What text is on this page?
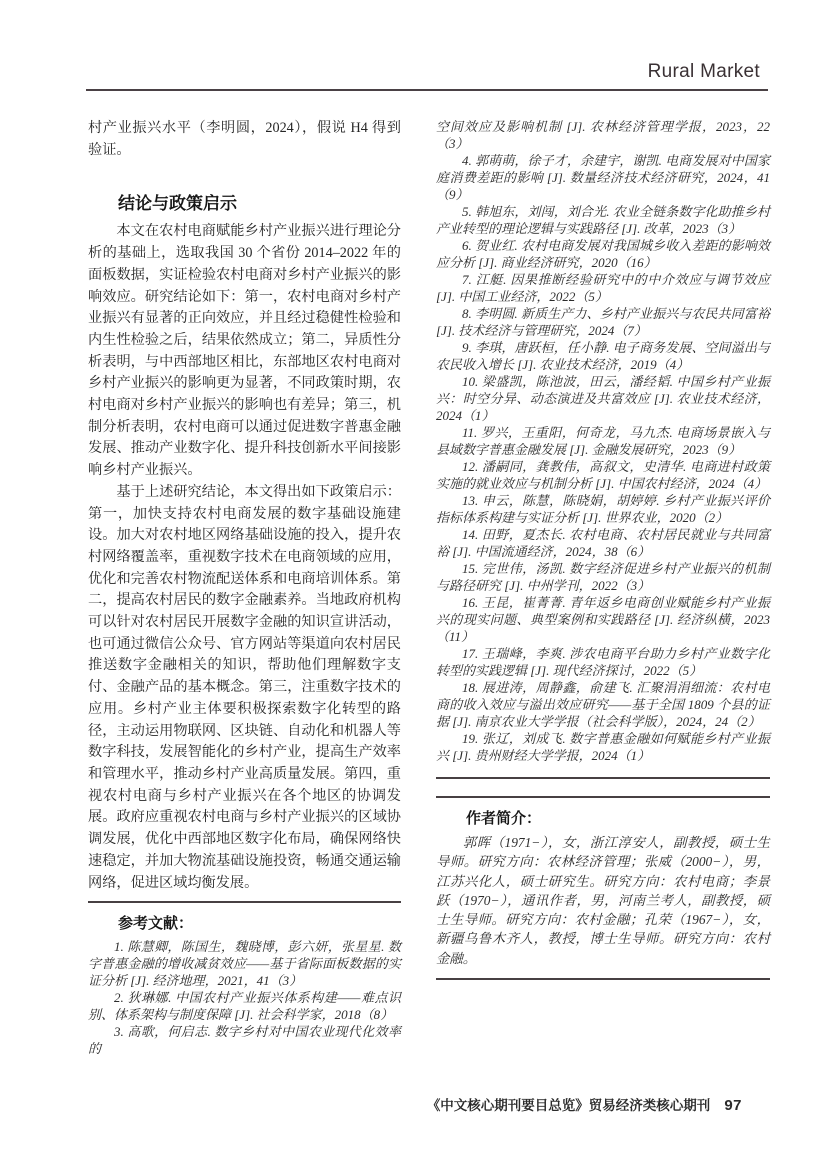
Rural Market

村产业振兴水平（李明圆，2024），假说 H4 得到验证。

结论与政策启示

本文在农村电商赋能乡村产业振兴进行理论分析的基础上，选取我国 30 个省份 2014–2022 年的面板数据，实证检验农村电商对乡村产业振兴的影响效应。研究结论如下：第一，农村电商对乡村产业振兴有显著的正向效应，并且经过稳健性检验和内生性检验之后，结果依然成立；第二，异质性分析表明，与中西部地区相比，东部地区农村电商对乡村产业振兴的影响更为显著，不同政策时期，农村电商对乡村产业振兴的影响也有差异；第三，机制分析表明，农村电商可以通过促进数字普惠金融发展、推动产业数字化、提升科技创新水平间接影响乡村产业振兴。

基于上述研究结论，本文得出如下政策启示：第一，加快支持农村电商发展的数字基础设施建设。加大对农村地区网络基础设施的投入，提升农村网络覆盖率，重视数字技术在电商领域的应用，优化和完善农村物流配送体系和电商培训体系。第二，提高农村居民的数字金融素养。当地政府机构可以针对农村居民开展数字金融的知识宣讲活动，也可通过微信公众号、官方网站等渠道向农村居民推送数字金融相关的知识，帮助他们理解数字支付、金融产品的基本概念。第三，注重数字技术的应用。乡村产业主体要积极探索数字化转型的路径，主动运用物联网、区块链、自动化和机器人等数字科技，发展智能化的乡村产业，提高生产效率和管理水平，推动乡村产业高质量发展。第四，重视农村电商与乡村产业振兴在各个地区的协调发展。政府应重视农村电商与乡村产业振兴的区域协调发展，优化中西部地区数字化布局，确保网络快速稳定，并加大物流基础设施投资，畅通交通运输网络，促进区域均衡发展。

参考文献：

1. 陈慧卿，陈国生，魏晓博，彭六妍，张星星. 数字普惠金融的增收减贫效应——基于省际面板数据的实证分析 [J]. 经济地理，2021，41（3）

2. 狄琳娜. 中国农村产业振兴体系构建——难点识别、体系架构与制度保障 [J]. 社会科学家，2018（8）

3. 高歌，何启志. 数字乡村对中国农业现代化效率的

空间效应及影响机制 [J]. 农林经济管理学报，2023，22（3）

4. 郭萌萌，徐子才，余建宇，谢凯. 电商发展对中国家庭消费差距的影响 [J]. 数量经济技术经济研究，2024，41（9）

5. 韩旭东，刘闯，刘合光. 农业全链条数字化助推乡村产业转型的理论逻辑与实践路径 [J]. 改革，2023（3）

6. 贺业红. 农村电商发展对我国城乡收入差距的影响效应分析 [J]. 商业经济研究，2020（16）

7. 江艇. 因果推断经验研究中的中介效应与调节效应 [J]. 中国工业经济，2022（5）

8. 李明圆. 新质生产力、乡村产业振兴与农民共同富裕 [J]. 技术经济与管理研究，2024（7）

9. 李琪，唐跃桓，任小静. 电子商务发展、空间溢出与农民收入增长 [J]. 农业技术经济，2019（4）

10. 梁盛凯，陈池波，田云，潘经韬. 中国乡村产业振兴：时空分异、动态演进及共富效应 [J]. 农业技术经济，2024（1）

11. 罗兴，王重阳，何奇龙，马九杰. 电商场景嵌入与县域数字普惠金融发展 [J]. 金融发展研究，2023（9）

12. 潘嗣同，龚教伟，高叙文，史清华. 电商进村政策实施的就业效应与机制分析 [J]. 中国农村经济，2024（4）

13. 申云，陈慧，陈晓娟，胡婷婷. 乡村产业振兴评价指标体系构建与实证分析 [J]. 世界农业，2020（2）

14. 田野，夏杰长. 农村电商、农村居民就业与共同富裕 [J]. 中国流通经济，2024，38（6）

15. 完世伟，汤凯. 数字经济促进乡村产业振兴的机制与路径研究 [J]. 中州学刊，2022（3）

16. 王昆，崔菁菁. 青年返乡电商创业赋能乡村产业振兴的现实问题、典型案例和实践路径 [J]. 经济纵横，2023（11）

17. 王瑞峰，李爽. 涉农电商平台助力乡村产业数字化转型的实践逻辑 [J]. 现代经济探讨，2022（5）

18. 展进涛，周静鑫，俞建飞. 汇聚涓涓细流：农村电商的收入效应与溢出效应研究——基于全国 1809 个县的证据 [J]. 南京农业大学学报（社会科学版），2024，24（2）

19. 张辽，刘成飞. 数字普惠金融如何赋能乡村产业振兴 [J]. 贵州财经大学学报，2024（1）

作者简介：

郭晖（1971−），女，浙江淳安人，副教授，硕士生导师。研究方向：农林经济管理；张威（2000−），男，江苏兴化人，硕士研究生。研究方向：农村电商；李景跃（1970−），通讯作者，男，河南兰考人，副教授，硕士生导师。研究方向：农村金融；孔荣（1967−），女，新疆乌鲁木齐人，教授，博士生导师。研究方向：农村金融。

《中文核心期刊要目总览》贸易经济类核心期刊 97
